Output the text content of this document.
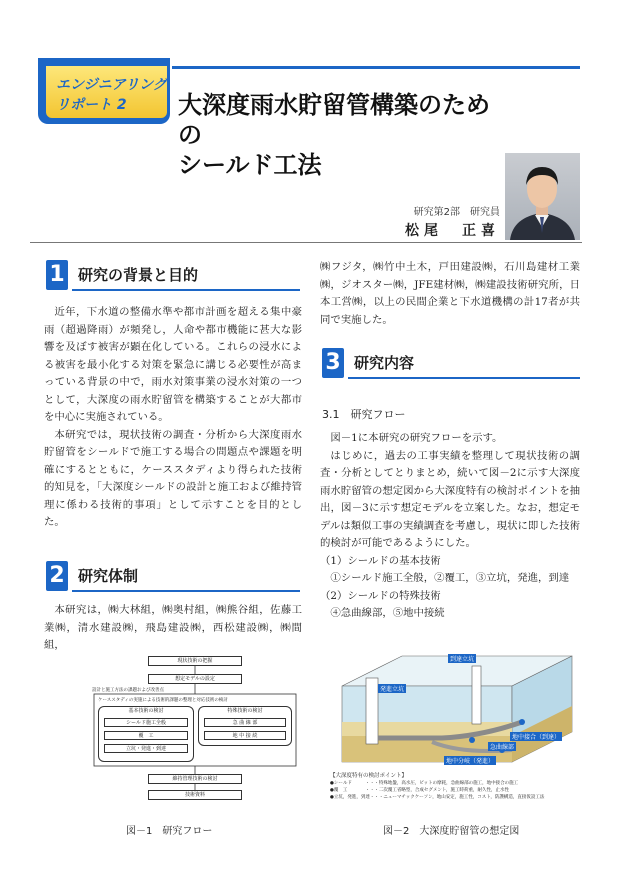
エンジニアリング
リポート 2 大深度雨水貯留管構築のための
シールド工法
研究第2部　研究員
松尾　正喜
1 研究の背景と目的

近年，下水道の整備水準や都市計画を超える集中豪雨（超過降雨）が頻発し，人命や都市機能に甚大な影響を及ぼす被害が顕在化している。これらの浸水による被害を最小化する対策を緊急に講じる必要性が高まっている背景の中で，雨水対策事業の浸水対策の一つとして，大深度の雨水貯留管を構築することが大都市を中心に実施されている。

本研究では，現状技術の調査・分析から大深度雨水貯留管をシールドで施工する場合の問題点や課題を明確にするとともに，ケーススタディより得られた技術的知見を，「大深度シールドの設計と施工および維持管理に係わる技術的事項」として示すことを目的とした。

2 研究体制

本研究は，㈱大林組，㈱奥村組，㈱熊谷組，佐藤工業㈱，清水建設㈱，飛島建設㈱，西松建設㈱，㈱間組，

㈱フジタ，㈱竹中土木，戸田建設㈱，石川島建材工業㈱，ジオスター㈱，JFE建材㈱，㈱建設技術研究所，日本工営㈱，以上の民間企業と下水道機構の計17者が共同で実施した。

3 研究内容
3.1　研究フロー

図－1に本研究の研究フローを示す。

はじめに，過去の工事実績を整理して現状技術の調査・分析としてとりまとめ，続いて図－2に示す大深度雨水貯留管の想定図から大深度特有の検討ポイントを抽出，図－3に示す想定モデルを立案した。なお，想定モデルは類似工事の実績調査を考慮し，現状に即した技術的検討が可能であるようにした。

（1）シールドの基本技術

①シールド施工全般，②覆工，③立坑，発進，到達

（2）シールドの特殊技術

④急曲線部，⑤地中接続

現状技術の把握
想定モデルの設定
設計と施工方法の課題および改善点
ケーススタディの実施による技術的課題の整理と対応技術の検討
基本技術の検討
シールド施工全般
覆　工
立坑・発進・到達
特殊技術の検討
急 曲 線 部
地 中 接 続
維持管理技術の検討
技術資料
図－1　研究フロー
発進立坑
到達立坑
地中接合（到達）
急曲線部
地中分岐（発進）
【大深度特有の検討ポイント】
●シールド　　　・・・特殊地盤，高水圧，ビットの摩耗，急曲線部の施工，地中接合の施工
●覆　工　　　　・・・二次覆工省略型，合成セグメント，施工時荷重，耐久性，止水性
●立坑，発進，到達・・・ニューマチックケーソン，地山安定，施工性，コスト，防護構造，直接仮設工法
図－2　大深度貯留管の想定図
